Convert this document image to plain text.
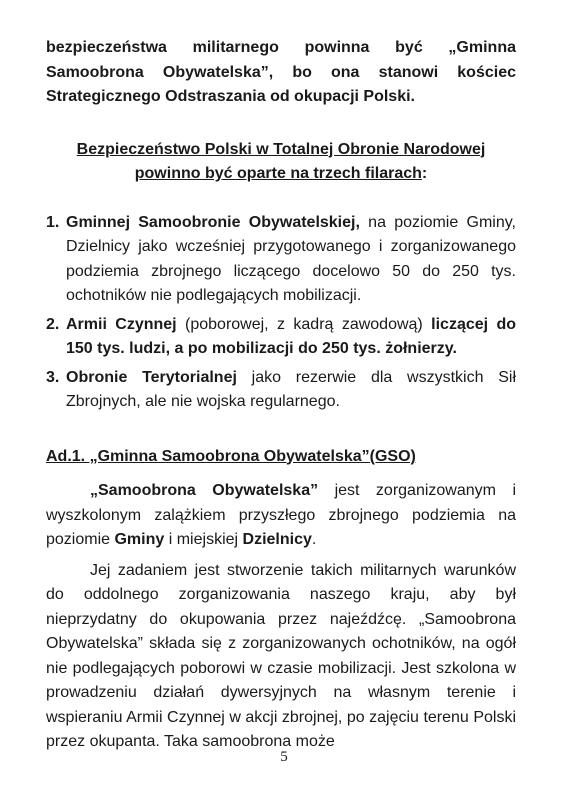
bezpieczeństwa militarnego powinna być „Gminna Samoobrona Obywatelska”, bo ona stanowi kościec Strategicznego Odstraszania od okupacji Polski.

Bezpieczeństwo Polski w Totalnej Obronie Narodowej
powinno być oparte na trzech filarach:
1. Gminnej Samoobronie Obywatelskiej, na poziomie Gminy, Dzielnicy jako wcześniej przygotowanego i zorganizowanego podziemia zbrojnego liczącego docelowo 50 do 250 tys. ochotników nie podlegających mobilizacji.
2. Armii Czynnej (poborowej, z kadrą zawodową) liczącej do 150 tys. ludzi, a po mobilizacji do 250 tys. żołnierzy.
3. Obronie Terytorialnej jako rezerwie dla wszystkich Sił Zbrojnych, ale nie wojska regularnego.
Ad.1. „Gminna Samoobrona Obywatelska”(GSO)

„Samoobrona Obywatelska” jest zorganizowanym i wyszkolonym zalążkiem przyszłego zbrojnego podziemia na poziomie Gminy i miejskiej Dzielnicy.

Jej zadaniem jest stworzenie takich militarnych warunków do oddolnego zorganizowania naszego kraju, aby był nieprzydatny do okupowania przez najeźdźcę. „Samoobrona Obywatelska” składa się z zorganizowanych ochotników, na ogół nie podlegających poborowi w czasie mobilizacji. Jest szkolona w prowadzeniu działań dywersyjnych na własnym terenie i wspieraniu Armii Czynnej w akcji zbrojnej, po zajęciu terenu Polski przez okupanta. Taka samoobrona może

5
